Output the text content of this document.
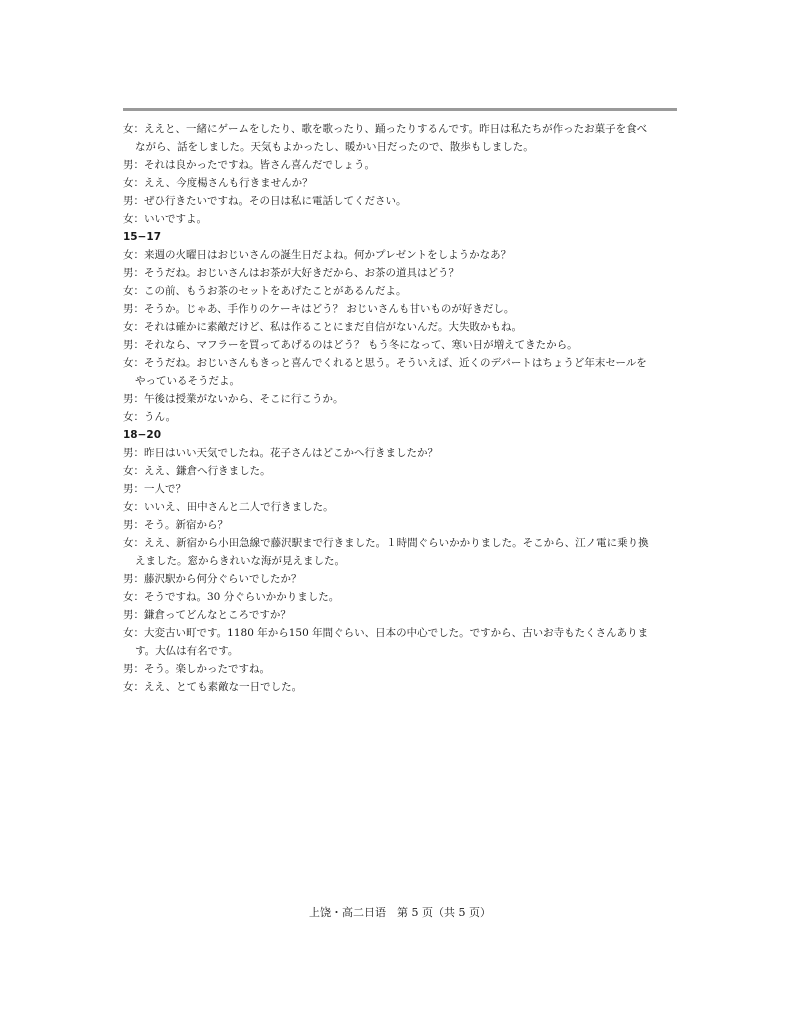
女 ： ええと、一緒にゲームをしたり、歌を歌ったり、踊ったりするんです。昨日は私たちが作ったお菓子を食べ
ながら、話をしました。天気もよかったし、暖かい日だったので、散歩もしました。
男 ： それは良かったですね。皆さん喜んだでしょう。
女 ： ええ、今度楊さんも行きませんか？
男 ： ぜひ行きたいですね。その日は私に電話してください。
女 ： いいですよ。
15−17
女 ： 来週の火曜日はおじいさんの誕生日だよね。何かプレゼントをしようかなあ？
男 ： そうだね。おじいさんはお茶が大好きだから、お茶の道具はどう？
女 ： この前、もうお茶のセットをあげたことがあるんだよ。
男 ： そうか。じゃあ、手作りのケーキはどう？ おじいさんも甘いものが好きだし。
女 ： それは確かに素敵だけど、私は作ることにまだ自信がないんだ。大失敗かもね。
男 ： それなら、マフラーを買ってあげるのはどう？ もう冬になって、寒い日が増えてきたから。
女 ： そうだね。おじいさんもきっと喜んでくれると思う。そういえば、近くのデパートはちょうど年末セールを
やっているそうだよ。
男 ： 午後は授業がないから、そこに行こうか。
女 ： うん。
18−20
男 ： 昨日はいい天気でしたね。花子さんはどこかへ行きましたか？
女 ： ええ、鎌倉へ行きました。
男 ： 一人で？
女 ： いいえ、田中さんと二人で行きました。
男 ： そう。新宿から？
女 ： ええ、新宿から小田急線で藤沢駅まで行きました。１時間ぐらいかかりました。そこから、江ノ電に乗り換
えました。窓からきれいな海が見えました。
男 ： 藤沢駅から何分ぐらいでしたか？
女 ： そうですね。30 分ぐらいかかりました。
男 ： 鎌倉ってどんなところですか？
女 ： 大変古い町です。1180 年から150 年間ぐらい、日本の中心でした。ですから、古いお寺もたくさんありま
す。大仏は有名です。
男 ： そう。楽しかったですね。
女 ： ええ、とても素敵な一日でした。
上饶・高二日语　第 5 页（共 5 页）
